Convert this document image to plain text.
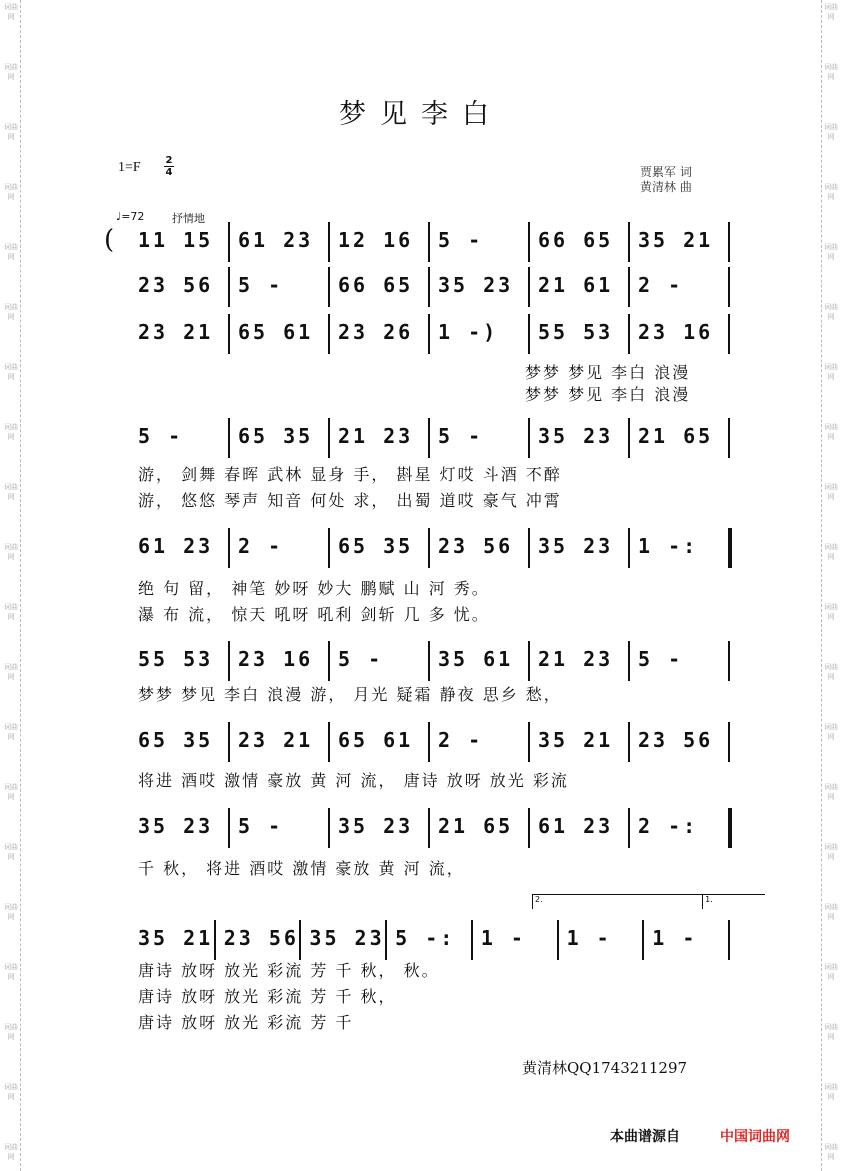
梦见李白
1=F 2
4	贾累军 词
黄清林 曲
♩=72	抒情地
( 11 15 61 23 12 16 5 -	66 65 35 21
23 56 5 -	66 65 35 23 21 61 2 -
23 21 65 61 23 26 1 -) 55 53 23 16
梦梦 梦见 李白 浪漫
梦梦 梦见 李白 浪漫
5 -	65 35 21 23 5 -	35 23 21 65
游， 剑舞 春晖 武林 显身 手， 斟星 灯哎 斗酒 不醉
游， 悠悠 琴声 知音 何处 求， 出蜀 道哎 豪气 冲霄
61 23 2 -	65 35 23 56 35 23 1 -:
绝 句 留， 神笔 妙呀 妙大 鹏赋 山 河 秀。
瀑 布 流， 惊天 吼呀 吼利 剑斩 几 多 忧。
55 53 23 16 5 -	35 61 21 23 5 -
梦梦 梦见 李白 浪漫 游， 月光 疑霜 静夜 思乡 愁，
65 35 23 21 65 61 2 -	35 21 23 56
将进 酒哎 激情 豪放 黄 河 流， 唐诗 放呀 放光 彩流
35 23 5 -	35 23 21 65 61 23 2 -:
千 秋， 将进 酒哎 激情 豪放 黄 河 流，
35 21 23 56 35 23 5 -: 1 - 1 - 1 -
1.
2.
唐诗 放呀 放光 彩流 芳 千 秋， 秋。
唐诗 放呀 放光 彩流 芳 千 秋，
唐诗 放呀 放光 彩流 芳 千
黄清林QQ1743211297
本曲谱源自	中国词曲网
词曲网
词曲网
词曲网
词曲网
词曲网
词曲网
词曲网
词曲网
词曲网
词曲网
词曲网
词曲网
词曲网
词曲网
词曲网
词曲网
词曲网
词曲网
词曲网
词曲网
词曲网
词曲网
词曲网
词曲网
词曲网
词曲网
词曲网
词曲网
词曲网
词曲网
词曲网
词曲网
词曲网
词曲网
词曲网
词曲网
词曲网
词曲网
词曲网
词曲网
